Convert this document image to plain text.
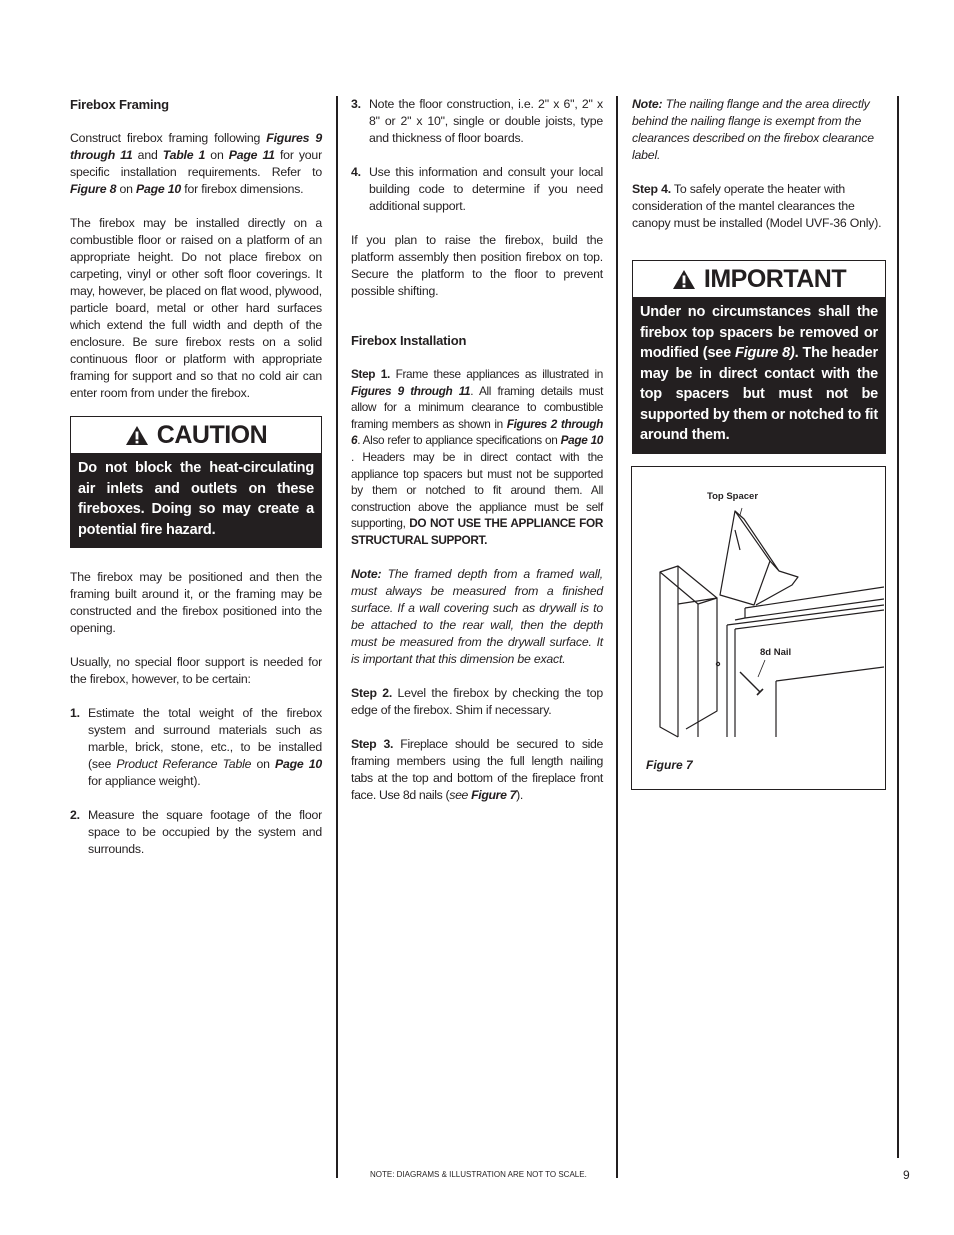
Firebox Framing

Construct firebox framing following Figures 9 through 11 and Table 1 on Page 11 for your specific installation requirements. Refer to Figure 8 on Page 10 for firebox dimensions.

The firebox may be installed directly on a combustible floor or raised on a platform of an appropriate height. Do not place firebox on carpeting, vinyl or other soft floor coverings. It may, however, be placed on flat wood, plywood, particle board, metal or other hard surfaces which extend the full width and depth of the enclosure. Be sure firebox rests on a solid continuous floor or platform with appropriate framing for support and so that no cold air can enter room from under the firebox.

CAUTION
Do not block the heat-circulating air inlets and outlets on these fireboxes. Doing so may create a potential fire hazard.

The firebox may be positioned and then the framing built around it, or the framing may be constructed and the firebox positioned into the opening.

Usually, no special floor support is needed for the firebox, however, to be certain:

1. Estimate the total weight of the firebox system and surround materials such as marble, brick, stone, etc., to be installed (see Product Referance Table on Page 10 for appliance weight).
2. Measure the square footage of the floor space to be occupied by the system and surrounds.
3. Note the floor construction, i.e. 2" x 6", 2" x 8" or 2" x 10", single or double joists, type and thickness of floor boards.
4. Use this information and consult your local building code to determine if you need additional support.

If you plan to raise the firebox, build the platform assembly then position firebox on top. Secure the platform to the floor to prevent possible shifting.

Firebox Installation

Step 1. Frame these appliances as illustrated in Figures 9 through 11. All framing details must allow for a minimum clearance to combustible framing members as shown in Figures 2 through 6. Also refer to appliance specifications on Page 10 . Headers may be in direct contact with the appliance top spacers but must not be supported by them or notched to fit around them. All construction above the appliance must be self supporting, DO NOT USE THE APPLIANCE FOR STRUCTURAL SUPPORT.

Note: The framed depth from a framed wall, must always be measured from a finished surface. If a wall covering such as drywall is to be attached to the rear wall, then the depth must be measured from the drywall surface. It is important that this dimension be exact.

Step 2. Level the firebox by checking the top edge of the firebox. Shim if necessary.

Step 3. Fireplace should be secured to side framing members using the full length nailing tabs at the top and bottom of the fireplace front face. Use 8d nails (see Figure 7).

Note: The nailing flange and the area directly behind the nailing flange is exempt from the clearances described on the firebox clearance label.

Step 4. To safely operate the heater with consideration of the mantel clearances the canopy must be installed (Model UVF-36 Only).

IMPORTANT
Under no circumstances shall the firebox top spacers be removed or modified (see Figure 8). The header may be in direct contact with the top spacers but must not be supported by them or notched to fit around them.
Top Spacer
8d Nail
Figure 7
NOTE: DIAGRAMS & ILLUSTRATION ARE NOT TO SCALE.	9
